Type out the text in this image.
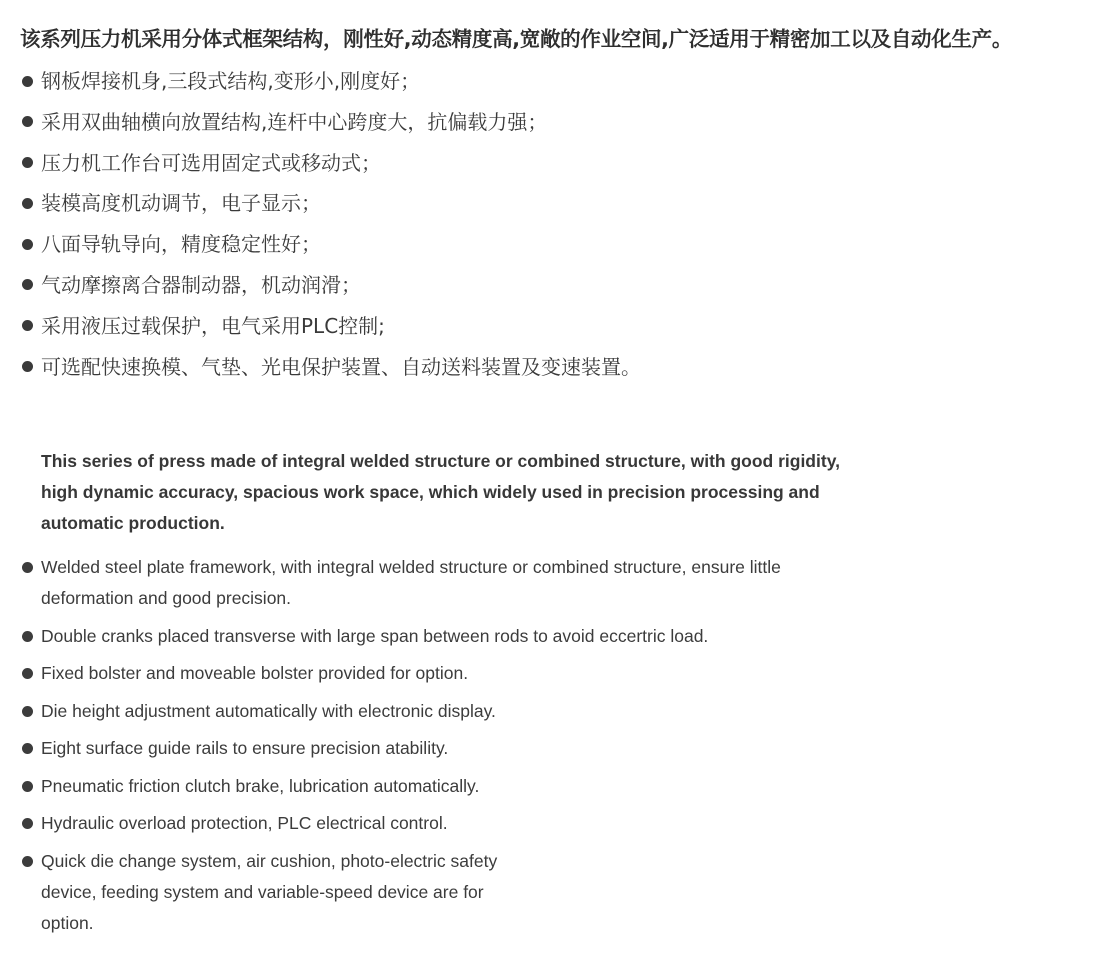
该系列压力机采用分体式框架结构，刚性好,动态精度高,宽敞的作业空间,广泛适用于精密加工以及自动化生产。
钢板焊接机身,三段式结构,变形小,刚度好；
采用双曲轴横向放置结构,连杆中心跨度大，抗偏载力强；
压力机工作台可选用固定式或移动式；
装模高度机动调节，电子显示；
八面导轨导向，精度稳定性好；
气动摩擦离合器制动器，机动润滑；
采用液压过载保护，电气采用PLC控制;
可选配快速换模、气垫、光电保护装置、自动送料装置及变速装置。
This series of press made of integral welded structure or combined structure, with good rigidity, high dynamic accuracy, spacious work space, which widely used in precision processing and automatic production.
Welded steel plate framework, with integral welded structure or combined structure, ensure little deformation and good precision.
Double cranks placed transverse with large span between rods to avoid eccertric load.
Fixed bolster and moveable bolster provided for option.
Die height adjustment automatically with electronic display.
Eight surface guide rails to ensure precision atability.
Pneumatic friction clutch brake, lubrication automatically.
Hydraulic overload protection, PLC electrical control.
Quick die change system, air cushion, photo-electric safety device, feeding system and variable-speed device are for option.
